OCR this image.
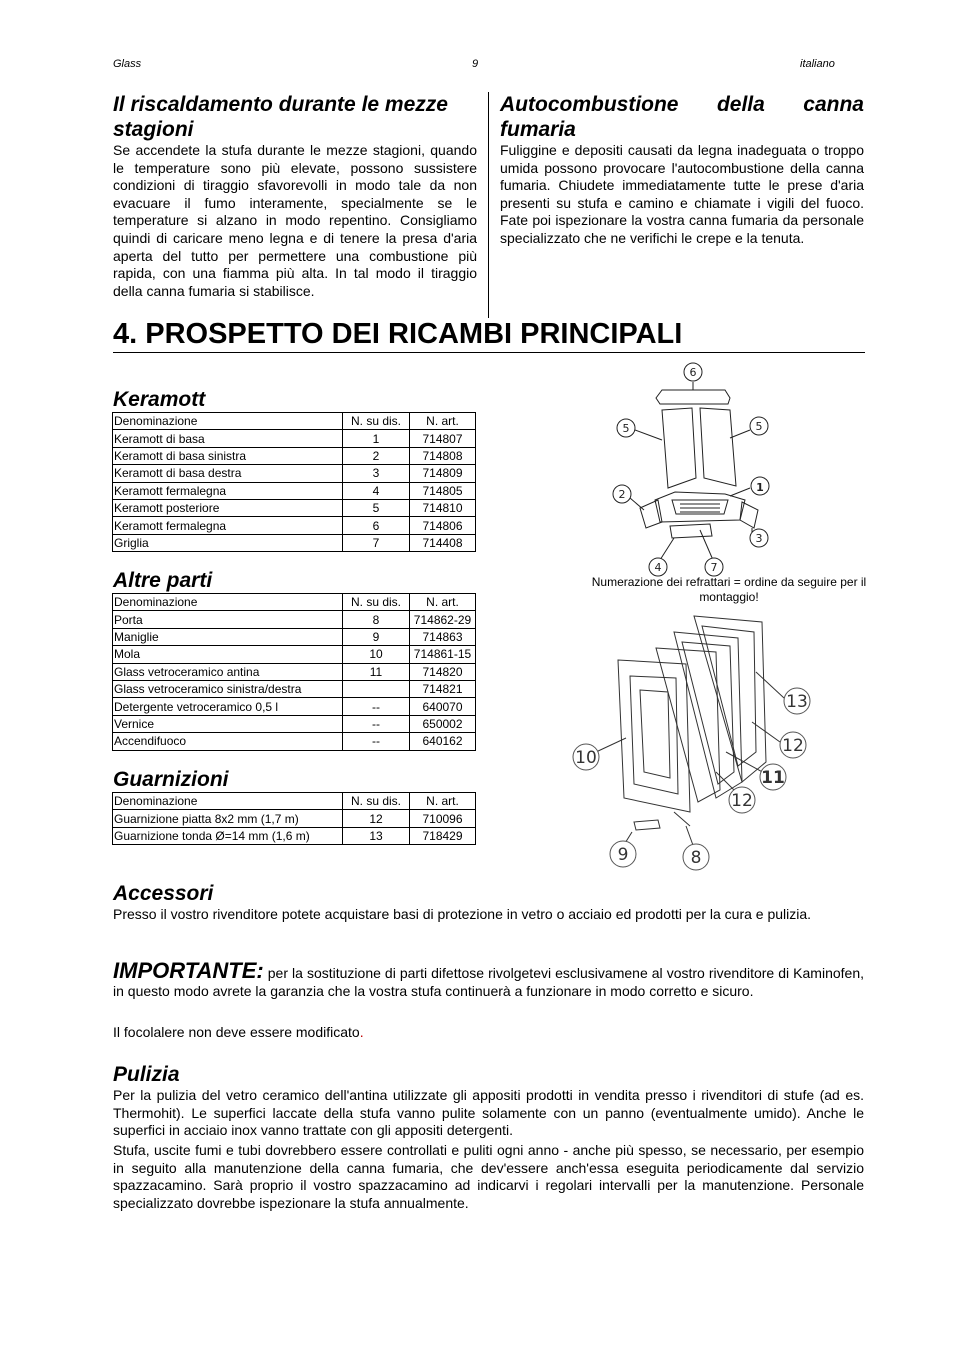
Glass	9	italiano
Il riscaldamento durante le mezze stagioni
Se accendete la stufa durante le mezze stagioni, quando le temperature sono più elevate, possono sussistere condizioni di tiraggio sfavorevolli in modo tale da non evacuare il fumo interamente, specialmente se le temperature si alzano in modo repentino. Consigliamo quindi di caricare meno legna e di tenere la presa d'aria aperta del tutto per permettere una combustione più rapida, con una fiamma più alta. In tal modo il tiraggio della canna fumaria si stabilisce.
Autocombustione della canna fumaria
Fuliggine e depositi causati da legna inadeguata o troppo umida possono provocare l'autocombustione della canna fumaria. Chiudete immediatamente tutte le prese d'aria presenti su stufa e camino e chiamate i vigili del fuoco. Fate poi ispezionare la vostra canna fumaria da personale specializzato che ne verifichi le crepe e la tenuta.
4. PROSPETTO DEI RICAMBI PRINCIPALI
Keramott
Denominazione	N. su dis.	N. art.
Keramott di basa	1	714807
Keramott di basa sinistra	2	714808
Keramott di basa destra	3	714809
Keramott fermalegna	4	714805
Keramott posteriore	5	714810
Keramott fermalegna	6	714806
Griglia	7	714408
Altre parti
Denominazione	N. su dis.	N. art.
Porta	8	714862-29
Maniglie	9	714863
Mola	10	714861-15
Glass vetroceramico antina	11	714820
Glass vetroceramico sinistra/destra		714821
Detergente vetroceramico 0,5 l	--	640070
Vernice	--	650002
Accendifuoco	--	640162
Guarnizioni
Denominazione	N. su dis.	N. art.
Guarnizione piatta 8x2 mm (1,7 m)	12	710096
Guarnizione tonda Ø=14 mm (1,6 m)	13	718429
6
5	5
1
2
3
4	7
Numerazione dei refrattari = ordine da seguire per il montaggio!
13
12
11
12
10
9	8
Accessori
Presso il vostro rivenditore potete acquistare basi di protezione in vetro o acciaio ed prodotti per la cura e pulizia.
IMPORTANTE: per la sostituzione di parti difettose rivolgetevi esclusivamene al vostro rivenditore di Kaminofen, in questo modo avrete la garanzia che la vostra stufa continuerà a funzionare in modo corretto e sicuro.
Il focolalere non deve essere modificato.
Pulizia
Per la pulizia del vetro ceramico dell'antina utilizzate gli appositi prodotti in vendita presso i rivenditori di stufe (ad es. Thermohit). Le superfici laccate della stufa vanno pulite solamente con un panno (eventualmente umido). Anche le superfici in acciaio inox vanno trattate con gli appositi detergenti.
Stufa, uscite fumi e tubi dovrebbero essere controllati e puliti ogni anno - anche più spesso, se necessario, per esempio in seguito alla manutenzione della canna fumaria, che dev'essere anch'essa eseguita periodicamente dal servizio spazzacamino. Sarà proprio il vostro spazzacamino ad indicarvi i regolari intervalli per la manutenzione. Personale specializzato dovrebbe ispezionare la stufa annualmente.
